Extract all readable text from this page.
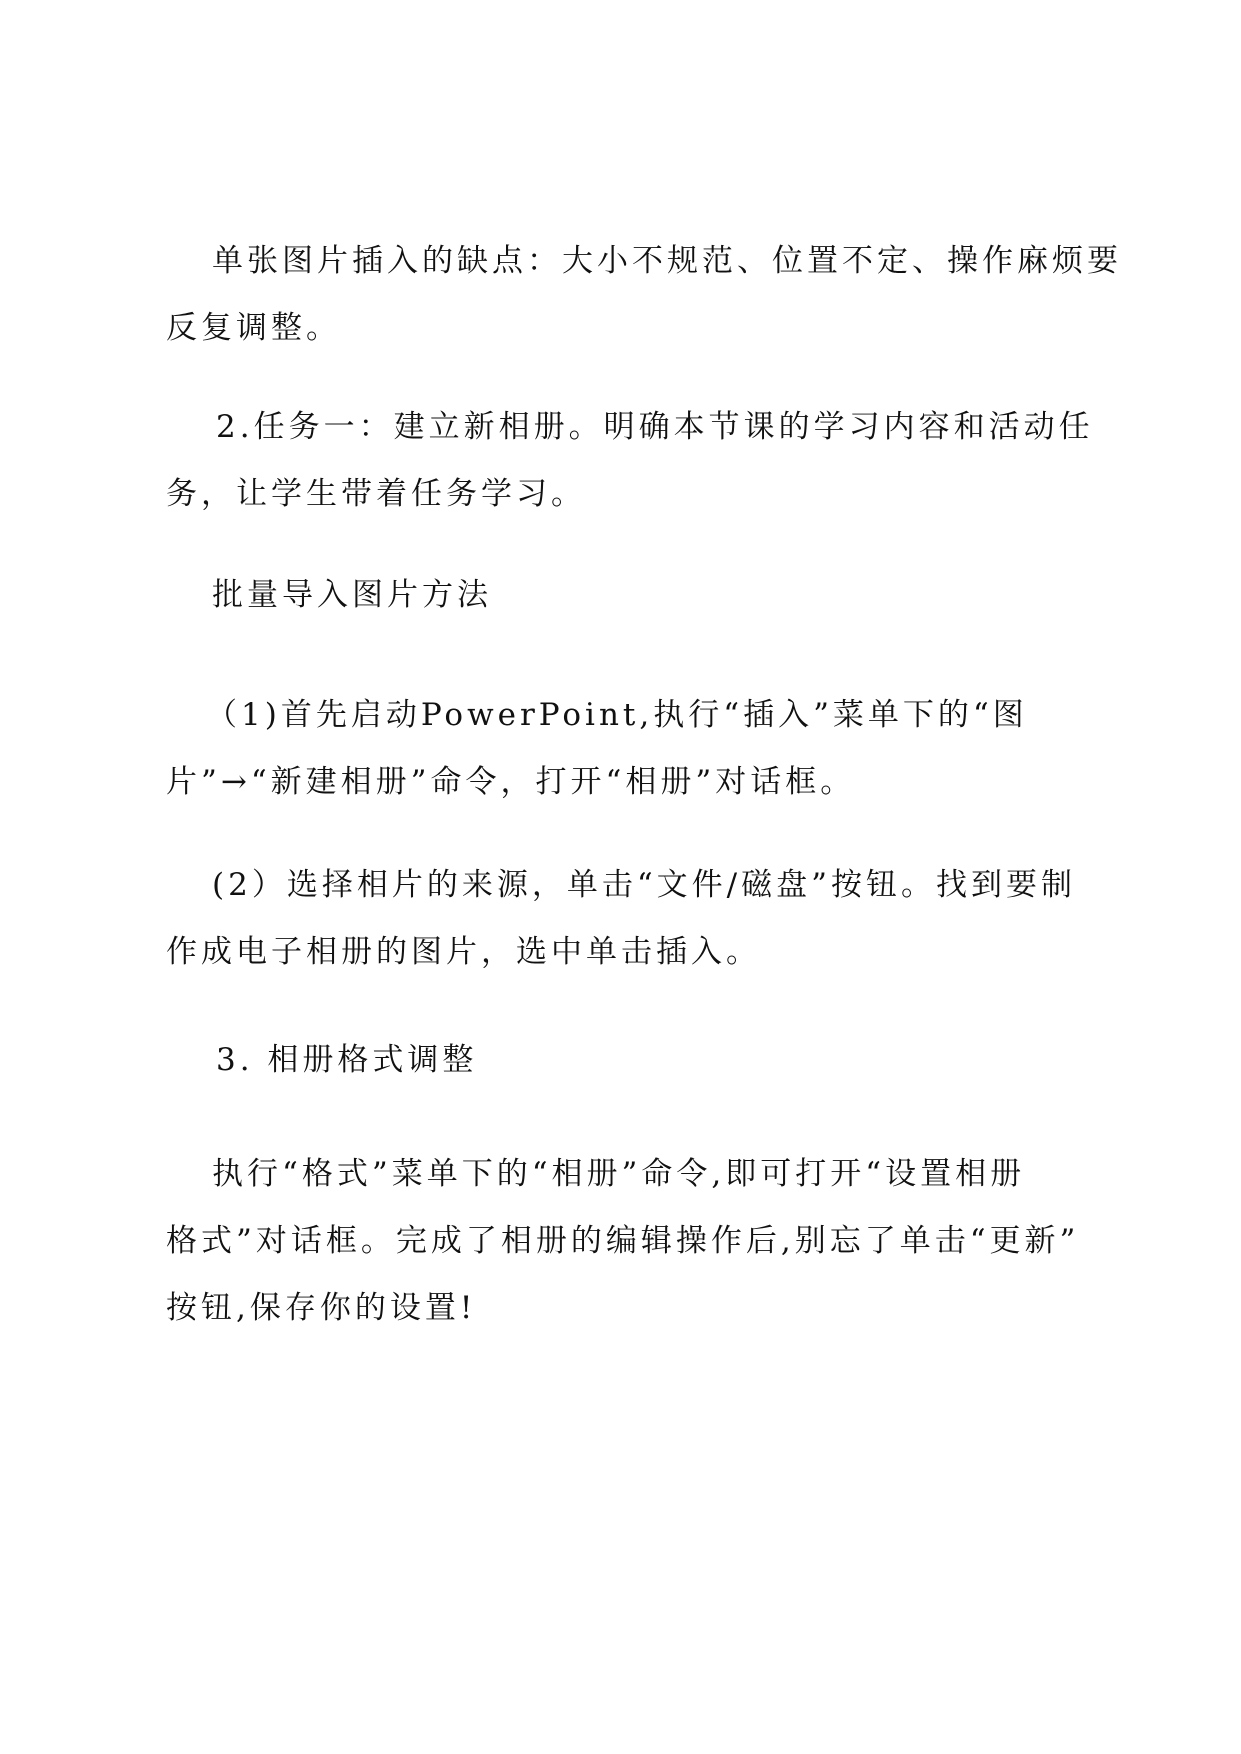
单张图片插入的缺点：大小不规范、位置不定、操作麻烦要
反复调整。

2.任务一：建立新相册。明确本节课的学习内容和活动任
务，让学生带着任务学习。

批量导入图片方法

（1)首先启动PowerPoint,执行“插入”菜单下的“图
片”→“新建相册”命令，打开“相册”对话框。

(2）选择相片的来源，单击“文件/磁盘”按钮。找到要制
作成电子相册的图片，选中单击插入。

3. 相册格式调整

执行“格式”菜单下的“相册”命令,即可打开“设置相册
格式”对话框。完成了相册的编辑操作后,别忘了单击“更新”
按钮,保存你的设置!
